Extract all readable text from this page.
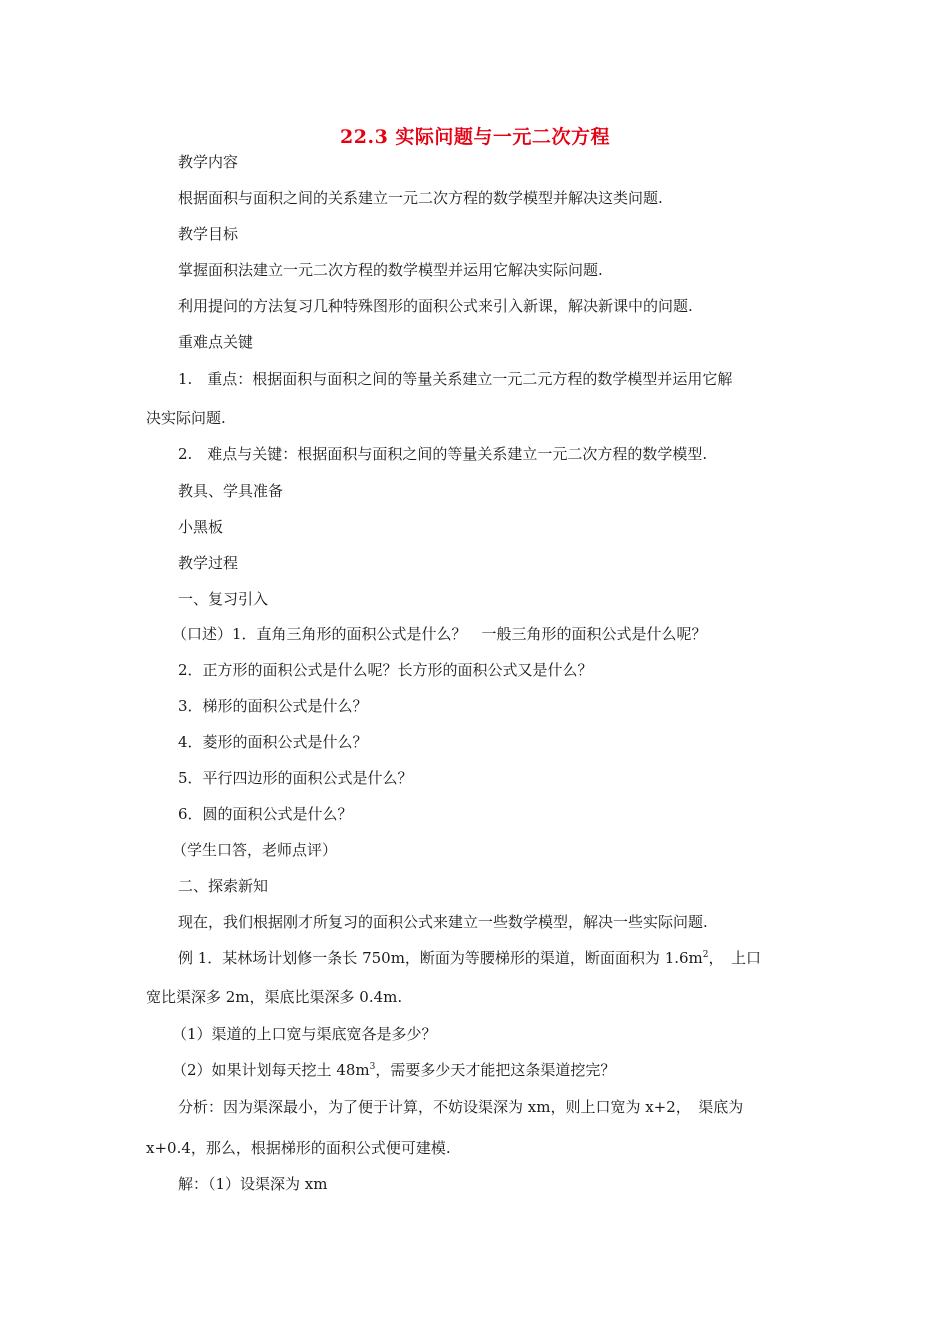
22.3 实际问题与一元二次方程
教学内容
根据面积与面积之间的关系建立一元二次方程的数学模型并解决这类问题.
教学目标
掌握面积法建立一元二次方程的数学模型并运用它解决实际问题.
利用提问的方法复习几种特殊图形的面积公式来引入新课，解决新课中的问题.
重难点关键
1.　重点：根据面积与面积之间的等量关系建立一元二元方程的数学模型并运用它解
决实际问题.
2.　难点与关键：根据面积与面积之间的等量关系建立一元二次方程的数学模型.
教具、学具准备
小黑板
教学过程
一、复习引入
（口述）1．直角三角形的面积公式是什么？　一般三角形的面积公式是什么呢？
2．正方形的面积公式是什么呢？长方形的面积公式又是什么？
3．梯形的面积公式是什么？
4．菱形的面积公式是什么？
5．平行四边形的面积公式是什么？
6．圆的面积公式是什么？
（学生口答，老师点评）
二、探索新知
现在，我们根据刚才所复习的面积公式来建立一些数学模型，解决一些实际问题.
例 1．某林场计划修一条长 750m，断面为等腰梯形的渠道，断面面积为 $1.6m^2$，　上口
宽比渠深多 2m，渠底比渠深多 0.4m.
（1）渠道的上口宽与渠底宽各是多少？
（2）如果计划每天挖土 $48m^3$，需要多少天才能把这条渠道挖完？
分析：因为渠深最小，为了便于计算，不妨设渠深为 xm，则上口宽为 x+2，　渠底为
x+0.4，那么，根据梯形的面积公式便可建模.
解：（1）设渠深为 xm
